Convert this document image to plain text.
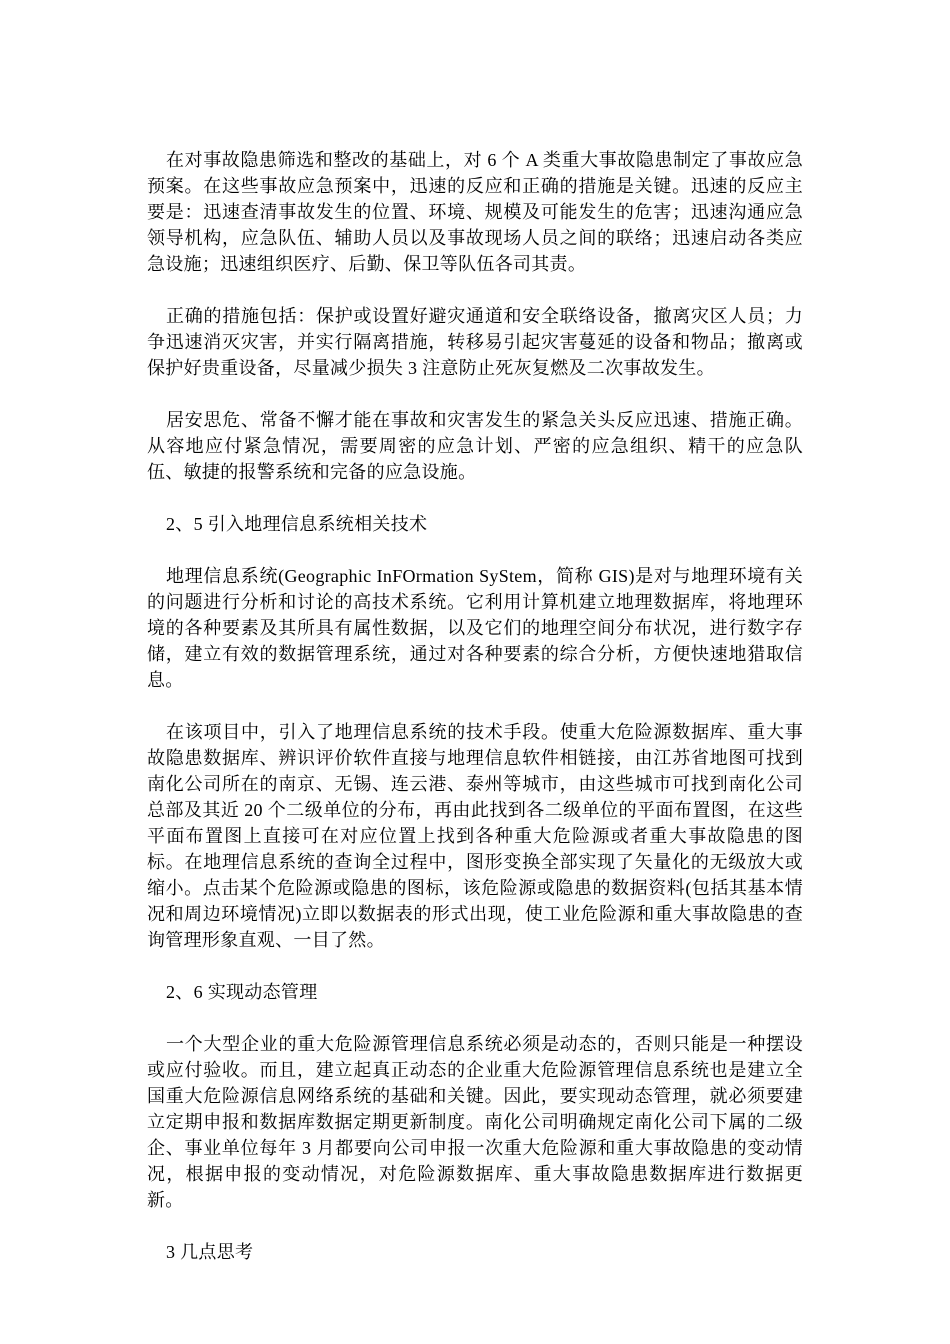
在对事故隐患筛选和整改的基础上，对 6 个 A 类重大事故隐患制定了事故应急预案。在这些事故应急预案中，迅速的反应和正确的措施是关键。迅速的反应主要是：迅速查清事故发生的位置、环境、规模及可能发生的危害；迅速沟通应急领导机构，应急队伍、辅助人员以及事故现场人员之间的联络；迅速启动各类应急设施；迅速组织医疗、后勤、保卫等队伍各司其责。

正确的措施包括：保护或设置好避灾通道和安全联络设备，撤离灾区人员；力争迅速消灭灾害，并实行隔离措施，转移易引起灾害蔓延的设备和物品；撤离或保护好贵重设备，尽量减少损失 3 注意防止死灰复燃及二次事故发生。

居安思危、常备不懈才能在事故和灾害发生的紧急关头反应迅速、措施正确。从容地应付紧急情况，需要周密的应急计划、严密的应急组织、精干的应急队伍、敏捷的报警系统和完备的应急设施。

2、5 引入地理信息系统相关技术

地理信息系统(Geographic InFOrmation SyStem，简称 GIS)是对与地理环境有关的问题进行分析和讨论的高技术系统。它利用计算机建立地理数据库，将地理环境的各种要素及其所具有属性数据，以及它们的地理空间分布状况，进行数字存储，建立有效的数据管理系统，通过对各种要素的综合分析，方便快速地猎取信息。

在该项目中，引入了地理信息系统的技术手段。使重大危险源数据库、重大事故隐患数据库、辨识评价软件直接与地理信息软件相链接，由江苏省地图可找到南化公司所在的南京、无锡、连云港、泰州等城市，由这些城市可找到南化公司总部及其近 20 个二级单位的分布，再由此找到各二级单位的平面布置图，在这些平面布置图上直接可在对应位置上找到各种重大危险源或者重大事故隐患的图标。在地理信息系统的查询全过程中，图形变换全部实现了矢量化的无级放大或缩小。点击某个危险源或隐患的图标，该危险源或隐患的数据资料(包括其基本情况和周边环境情况)立即以数据表的形式出现，使工业危险源和重大事故隐患的查询管理形象直观、一目了然。

2、6 实现动态管理

一个大型企业的重大危险源管理信息系统必须是动态的，否则只能是一种摆设或应付验收。而且，建立起真正动态的企业重大危险源管理信息系统也是建立全国重大危险源信息网络系统的基础和关键。因此，要实现动态管理，就必须要建立定期申报和数据库数据定期更新制度。南化公司明确规定南化公司下属的二级企、事业单位每年 3 月都要向公司申报一次重大危险源和重大事故隐患的变动情况，根据申报的变动情况，对危险源数据库、重大事故隐患数据库进行数据更新。

3 几点思考
